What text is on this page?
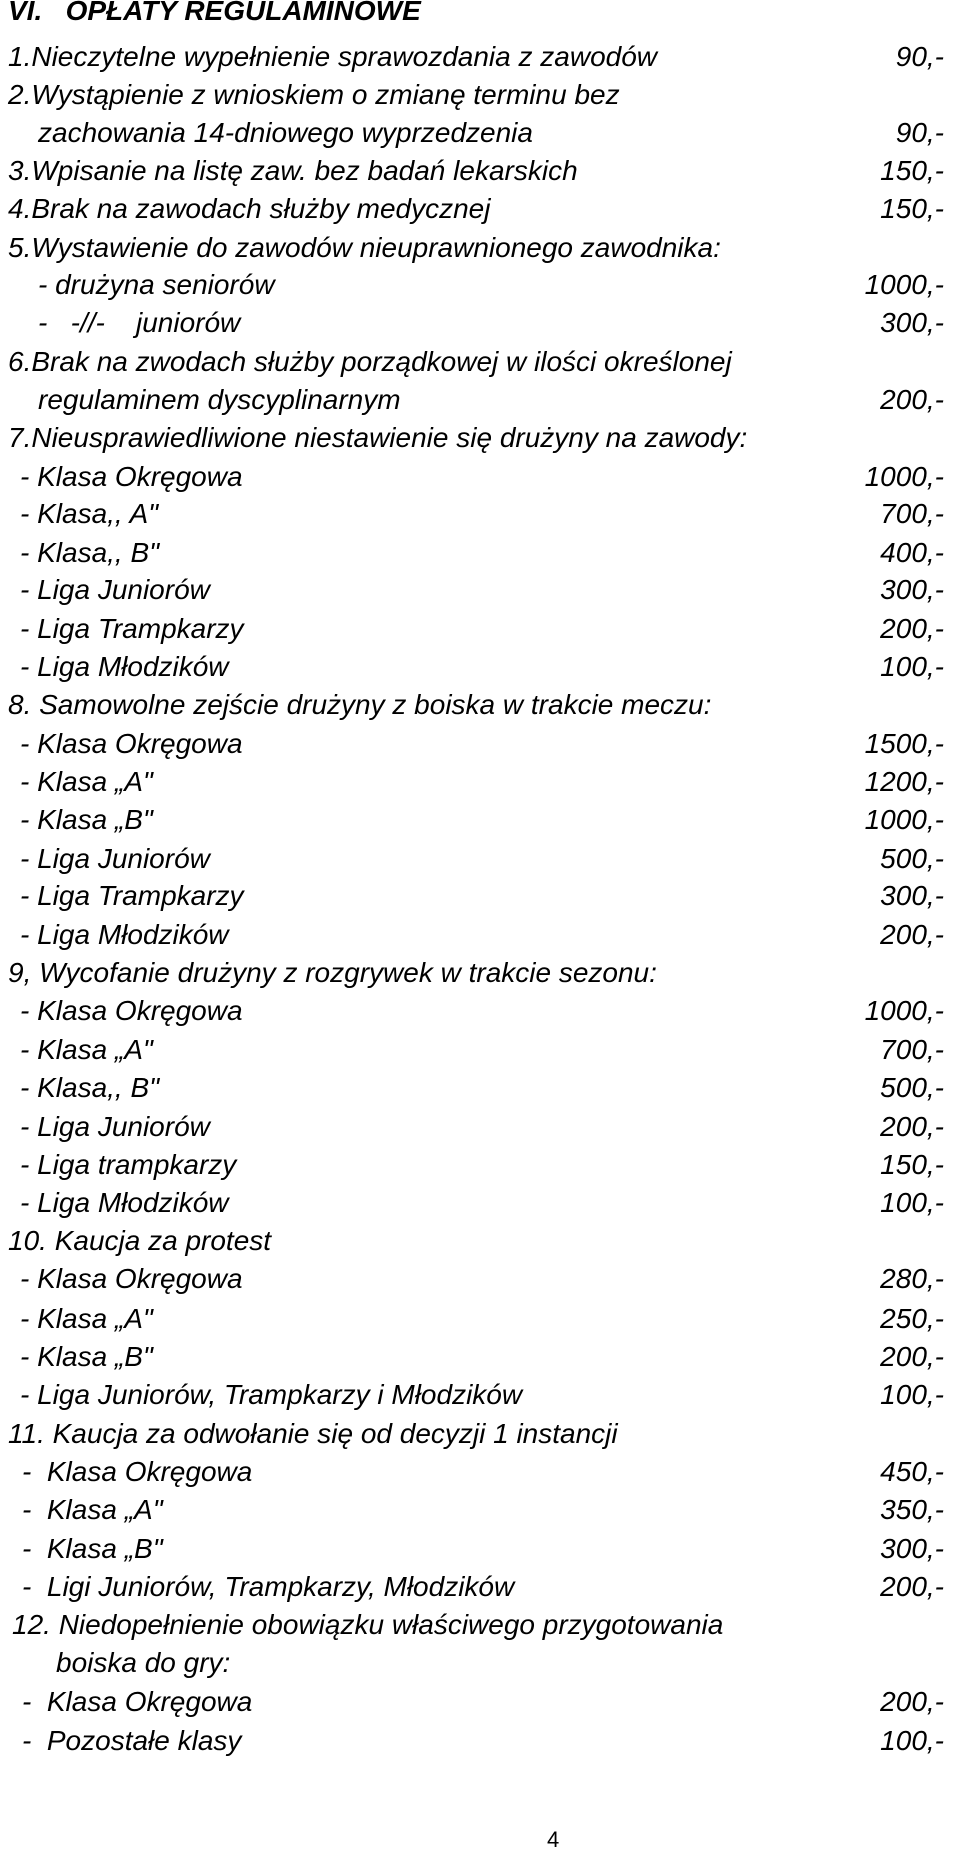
VI.   OPŁATY REGULAMINOWE
1.Nieczytelne wypełnienie sprawozdania z zawodów	90,-
2.Wystąpienie z wnioskiem o zmianę terminu bez
zachowania 14-dniowego wyprzedzenia	90,-
3.Wpisanie na listę zaw. bez badań lekarskich	150,-
4.Brak na zawodach służby medycznej	150,-
5.Wystawienie do zawodów nieuprawnionego zawodnika:
- drużyna seniorów	1000,-
-   -//-    juniorów	300,-
6.Brak na zwodach służby porządkowej w ilości określonej
regulaminem dyscyplinarnym	200,-
7.Nieusprawiedliwione niestawienie się drużyny na zawody:
- Klasa Okręgowa	1000,-
- Klasa,, A"	700,-
- Klasa,, B"	400,-
- Liga Juniorów	300,-
- Liga Trampkarzy	200,-
- Liga Młodzików	100,-
8. Samowolne zejście drużyny z boiska w trakcie meczu:
- Klasa Okręgowa	1500,-
- Klasa „A"	1200,-
- Klasa „B"	1000,-
- Liga Juniorów	500,-
- Liga Trampkarzy	300,-
- Liga Młodzików	200,-
9, Wycofanie drużyny z rozgrywek w trakcie sezonu:
- Klasa Okręgowa	1000,-
- Klasa „A"	700,-
- Klasa,, B"	500,-
- Liga Juniorów	200,-
- Liga trampkarzy	150,-
- Liga Młodzików	100,-
10. Kaucja za protest
- Klasa Okręgowa	280,-
- Klasa „A"	250,-
- Klasa „B"	200,-
- Liga Juniorów, Trampkarzy i Młodzików	100,-
11. Kaucja za odwołanie się od decyzji 1 instancji
-  Klasa Okręgowa	450,-
-  Klasa „A"	350,-
-  Klasa „B"	300,-
-  Ligi Juniorów, Trampkarzy, Młodzików	200,-
12. Niedopełnienie obowiązku właściwego przygotowania
boiska do gry:
-  Klasa Okręgowa	200,-
-  Pozostałe klasy	100,-
4
